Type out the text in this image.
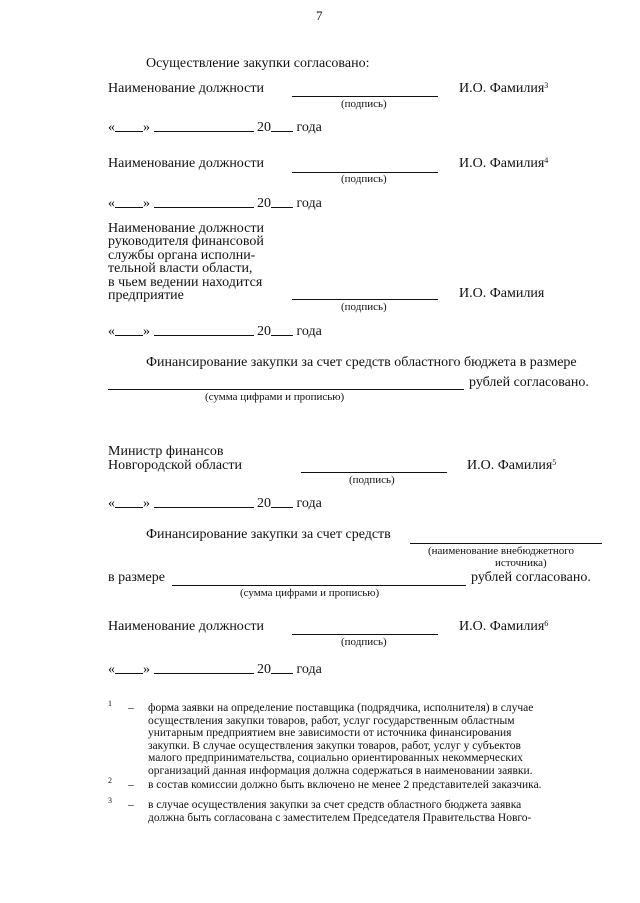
7
Осуществление закупки согласовано:
Наименование должности
(подпись)
И.О. Фамилия$^3$
« »	20 года
Наименование должности
(подпись)
И.О. Фамилия$^4$
« »	20 года
Наименование должности
руководителя финансовой
службы органа исполни-
тельной власти области,
в чьем ведении находится
предприятие
(подпись)
И.О. Фамилия
« »	20 года
Финансирование закупки за счет средств областного бюджета в размере
рублей согласовано.
(сумма цифрами и прописью)
Министр финансов
Новгородской области
(подпись)
И.О. Фамилия$^5$
« »	20 года
Финансирование закупки за счет средств
(наименование внебюджетного
источника)
в размере	рублей согласовано.
(сумма цифрами и прописью)
Наименование должности
(подпись)
И.О. Фамилия$^6$
« »	20 года
1 – форма заявки на определение поставщика (подрядчика, исполнителя) в случае
осуществления закупки товаров, работ, услуг государственным областным
унитарным предприятием вне зависимости от источника финансирования
закупки. В случае осуществления закупки товаров, работ, услуг у субъектов
малого предпринимательства, социально ориентированных некоммерческих
организаций данная информация должна содержаться в наименовании заявки.
2 – в состав комиссии должно быть включено не менее 2 представителей заказчика.
3 – в случае осуществления закупки за счет средств областного бюджета заявка
должна быть согласована с заместителем Председателя Правительства Новго-
